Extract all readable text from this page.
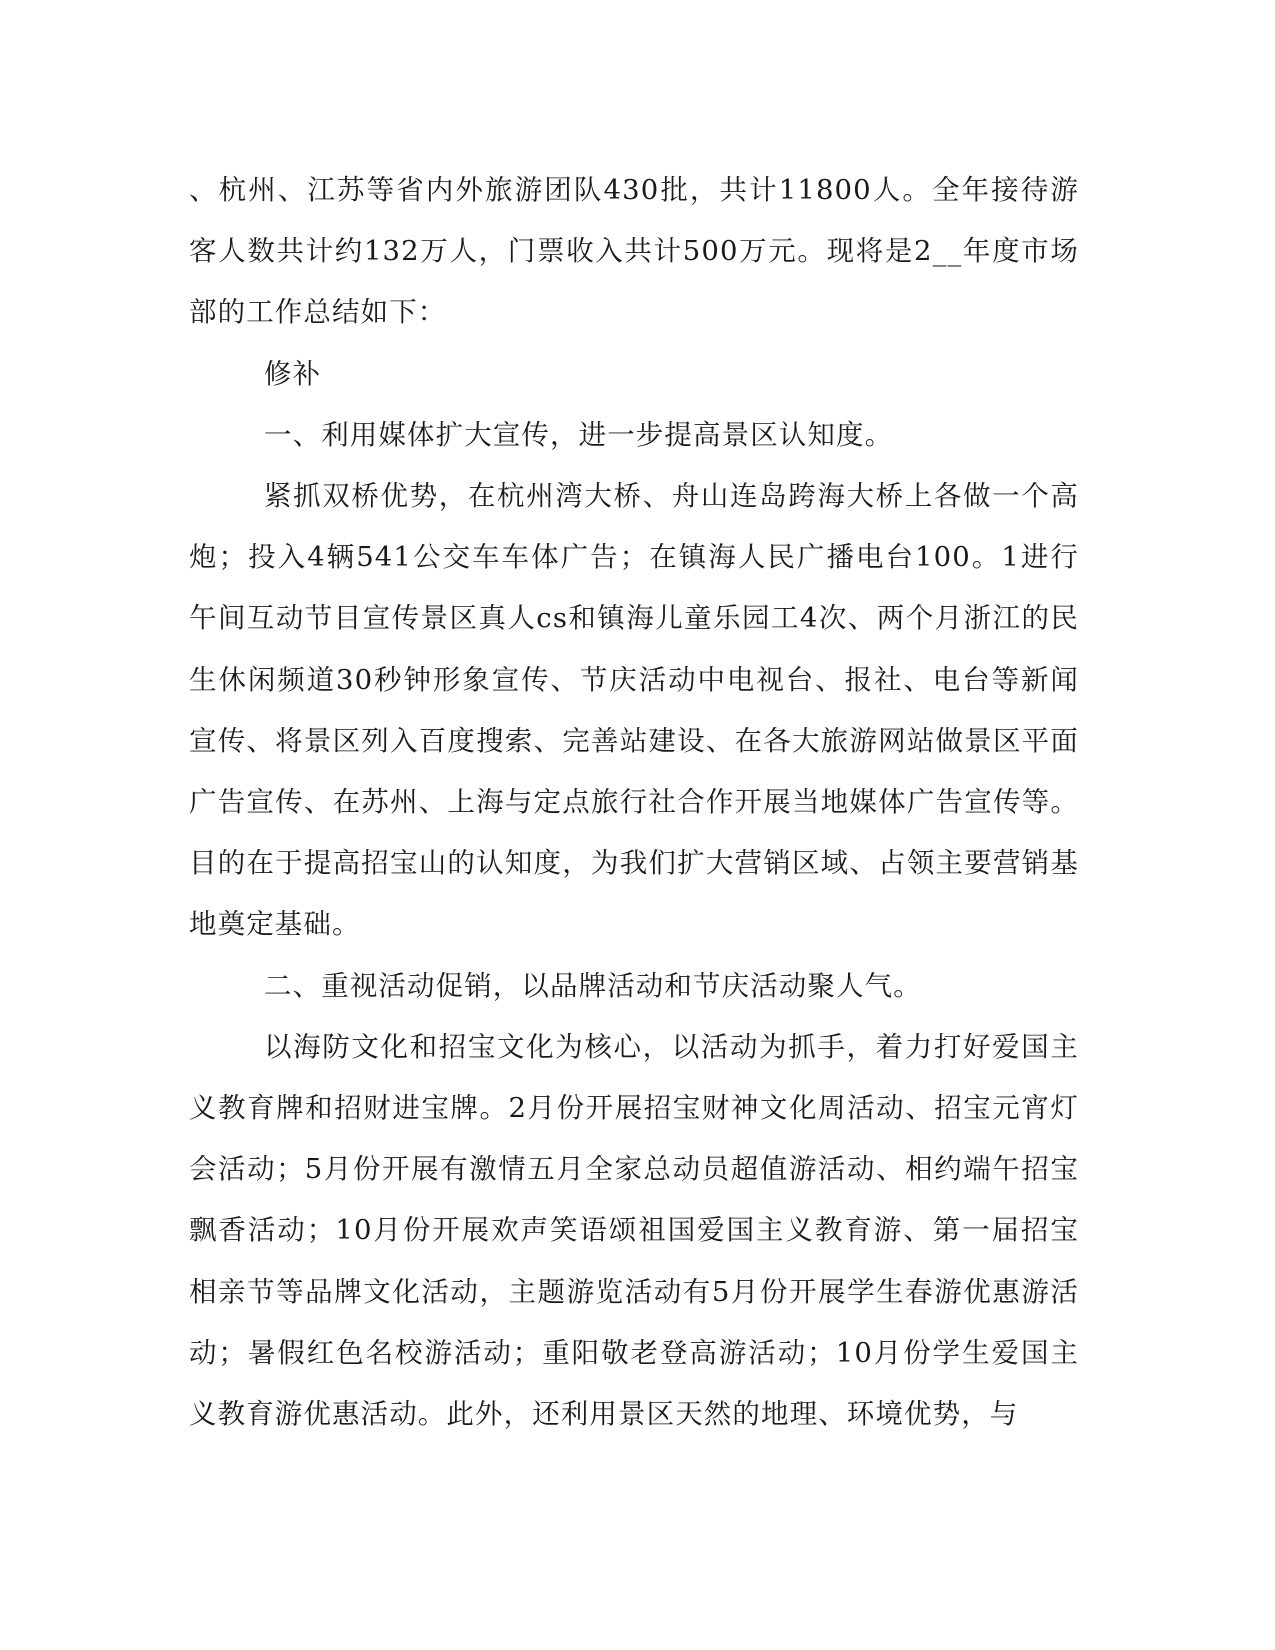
、杭州、江苏等省内外旅游团队430批，共计11800人。全年接待游客人数共计约132万人，门票收入共计500万元。现将是2__年度市场部的工作总结如下：

修补

一、利用媒体扩大宣传，进一步提高景区认知度。

紧抓双桥优势，在杭州湾大桥、舟山连岛跨海大桥上各做一个高炮；投入4辆541公交车车体广告；在镇海人民广播电台100。1进行午间互动节目宣传景区真人cs和镇海儿童乐园工4次、两个月浙江的民生休闲频道30秒钟形象宣传、节庆活动中电视台、报社、电台等新闻宣传、将景区列入百度搜索、完善站建设、在各大旅游网站做景区平面广告宣传、在苏州、上海与定点旅行社合作开展当地媒体广告宣传等。目的在于提高招宝山的认知度，为我们扩大营销区域、占领主要营销基地奠定基础。

二、重视活动促销，以品牌活动和节庆活动聚人气。

以海防文化和招宝文化为核心，以活动为抓手，着力打好爱国主义教育牌和招财进宝牌。2月份开展招宝财神文化周活动、招宝元宵灯会活动；5月份开展有激情五月全家总动员超值游活动、相约端午招宝飘香活动；10月份开展欢声笑语颂祖国爱国主义教育游、第一届招宝相亲节等品牌文化活动，主题游览活动有5月份开展学生春游优惠游活动；暑假红色名校游活动；重阳敬老登高游活动；10月份学生爱国主义教育游优惠活动。此外，还利用景区天然的地理、环境优势，与
